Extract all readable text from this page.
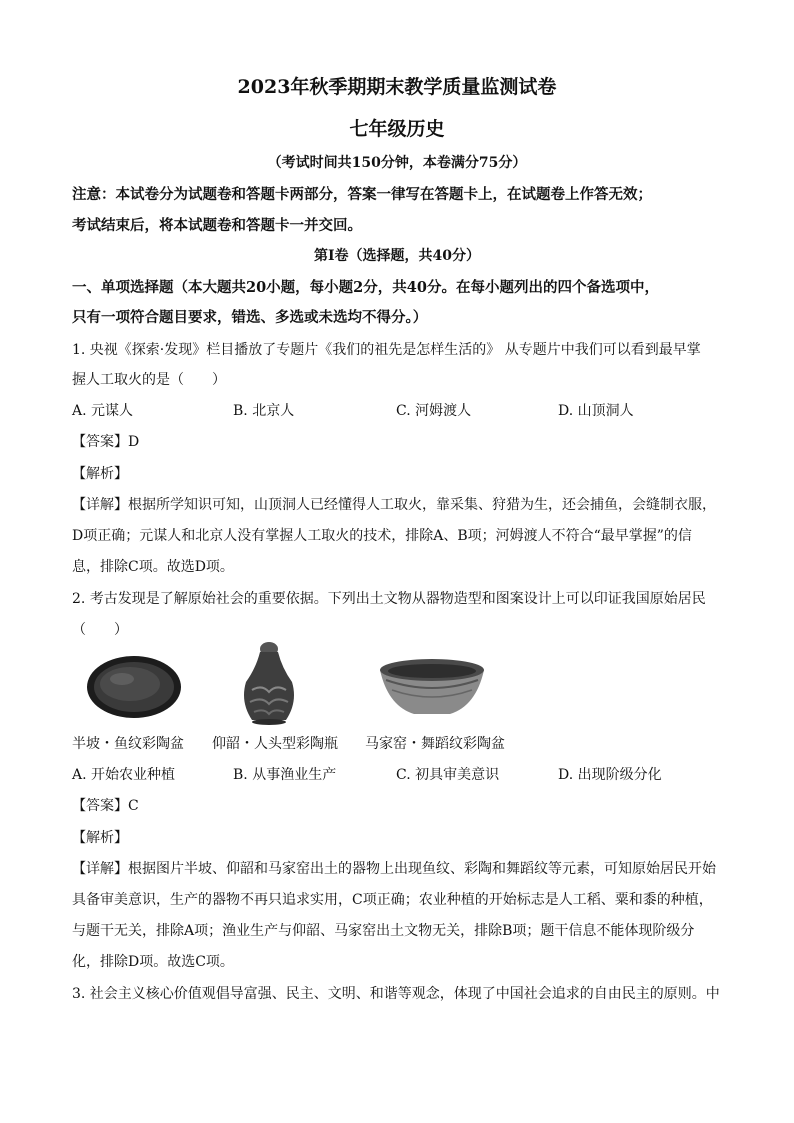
2023年秋季期期末教学质量监测试卷
七年级历史
（考试时间共150分钟，本卷满分75分）
注意：本试卷分为试题卷和答题卡两部分，答案一律写在答题卡上，在试题卷上作答无效；
考试结束后，将本试题卷和答题卡一并交回。
第Ⅰ卷（选择题，共40分）
一、单项选择题（本大题共20小题，每小题2分，共40分。在每小题列出的四个备选项中，
只有一项符合题目要求，错选、多选或未选均不得分。）
1. 央视《探索·发现》栏目播放了专题片《我们的祖先是怎样生活的》 从专题片中我们可以看到最早掌
握人工取火的是（　　）
A. 元谋人	B. 北京人	C. 河姆渡人	D. 山顶洞人
【答案】D
【解析】
【详解】根据所学知识可知，山顶洞人已经懂得人工取火，靠采集、狩猎为生，还会捕鱼，会缝制衣服，
D项正确；元谋人和北京人没有掌握人工取火的技术，排除A、B项；河姆渡人不符合“最早掌握”的信
息，排除C项。故选D项。
2. 考古发现是了解原始社会的重要依据。下列出土文物从器物造型和图案设计上可以印证我国原始居民
（　　）
半坡・鱼纹彩陶盆 仰韶・人头型彩陶瓶 马家窑・舞蹈纹彩陶盆
A. 开始农业种植	B. 从事渔业生产	C. 初具审美意识	D. 出现阶级分化
【答案】C
【解析】
【详解】根据图片半坡、仰韶和马家窑出土的器物上出现鱼纹、彩陶和舞蹈纹等元素，可知原始居民开始
具备审美意识，生产的器物不再只追求实用，C项正确；农业种植的开始标志是人工稻、粟和黍的种植，
与题干无关，排除A项；渔业生产与仰韶、马家窑出土文物无关，排除B项；题干信息不能体现阶级分
化，排除D项。故选C项。
3. 社会主义核心价值观倡导富强、民主、文明、和谐等观念，体现了中国社会追求的自由民主的原则。中
